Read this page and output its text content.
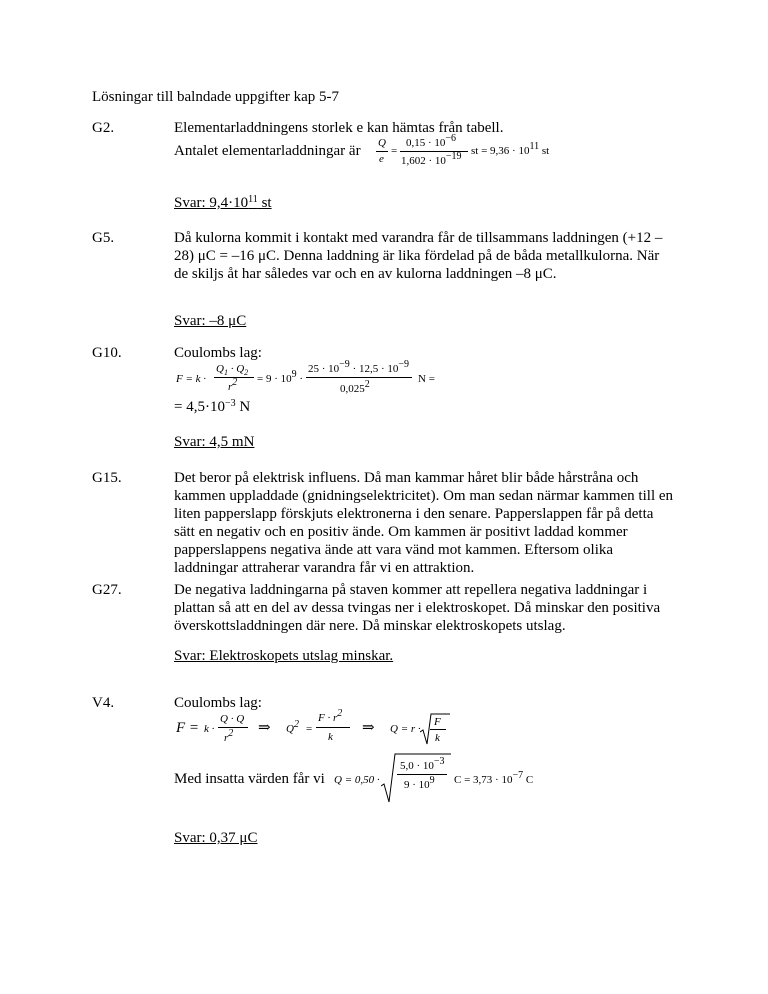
Lösningar till balndade uppgifter kap 5-7
G2.	Elementarladdningens storlek e kan hämtas från tabell.
Antalet elementarladdningar är Q
e
=
$0,15 \cdot 10^{-6}$
$1,602 \cdot 10^{-19}$ st = $9,36 \cdot 10^{11}$ st
Svar: $9,4\cdot 10^{11}$ st
G5.	Då kulorna kommit i kontakt med varandra får de tillsammans laddningen (+12 – 28) μC = –16 μC. Denna laddning är lika fördelad på de båda metallkulorna. När de skiljs åt har således var och en av kulorna laddningen –8 μC.
Svar: –8 μC
G10.	Coulombs lag:
F = k ·
$Q_1 \cdot Q_2$
$r^2 = 9 \cdot 10^9$ ·
$25 \cdot 10^{-9} \cdot 12,5 \cdot 10^{-9}$
0,025$^2$	N =
= $4,5\cdot 10^{-3}$ N
Svar: 4,5 mN
G15.	Det beror på elektrisk influens. Då man kammar håret blir både hårstråna och kammen uppladdade (gnidningselektricitet). Om man sedan närmar kammen till en liten papperslapp förskjuts elektronerna i den senare. Papperslappen får på detta sätt en negativ och en positiv ände. Om kammen är positivt laddad kommer papperslappens negativa ände att vara vänd mot kammen. Eftersom olika laddningar attraherar varandra får vi en attraktion.
G27.	De negativa laddningarna på staven kommer att repellera negativa laddningar i plattan så att en del av dessa tvingas ner i elektroskopet. Då minskar den positiva överskottsladdningen där nere. Då minskar elektroskopets utslag.
Svar: Elektroskopets utslag minskar.
V4.	Coulombs lag:
F = k ·
Q · Q
$r^2$ ⇒ $Q^2$ =
$F \cdot r^2$
k
⇒ Q = r ·
F
k
Med insatta värden får vi Q = 0,50 ·
$5,0 \cdot 10^{-3}$
$9 \cdot 10^9$ $C = 3,73 \cdot 10^{-7}$ C
Svar: 0,37 μC
